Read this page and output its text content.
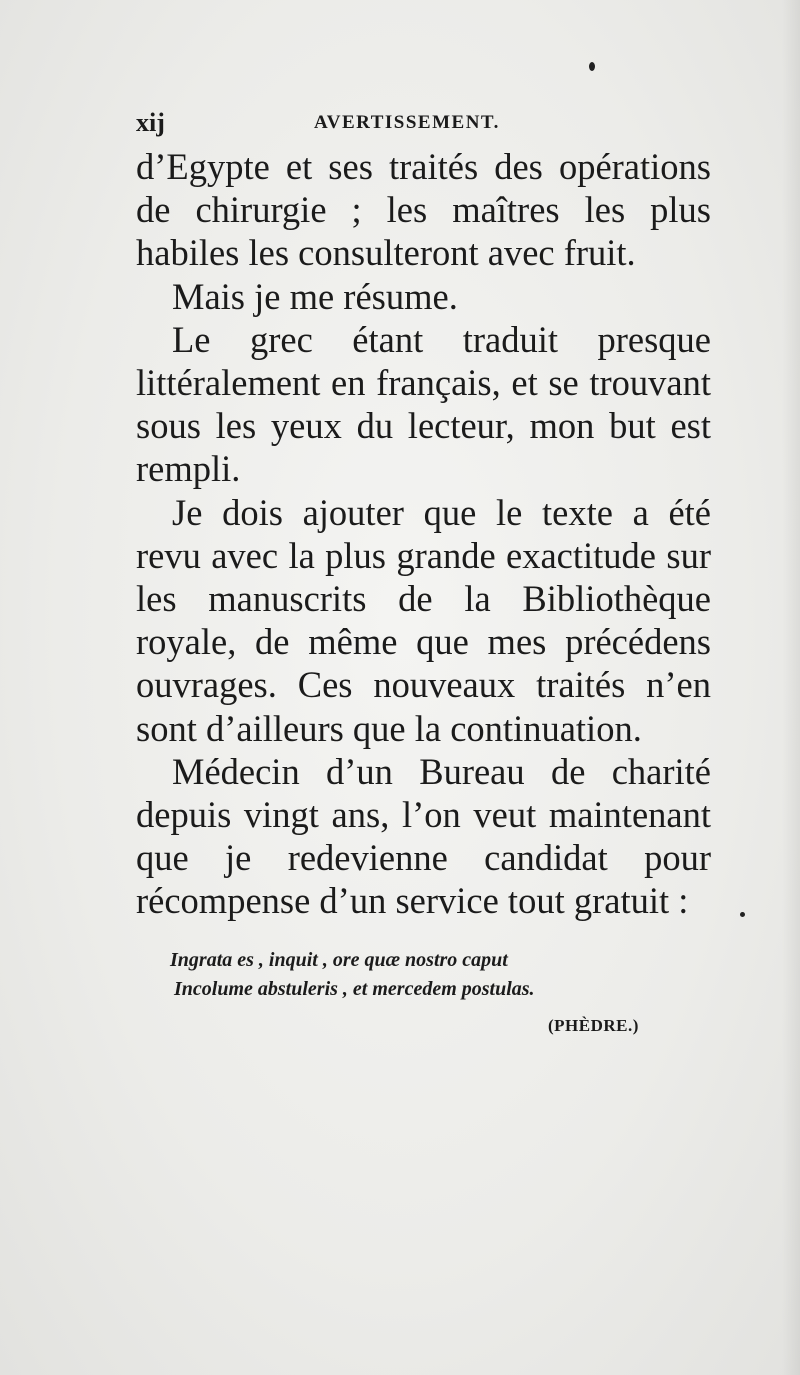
xij	AVERTISSEMENT.

d’Egypte et ses traités des opérations de chirurgie ; les maîtres les plus habiles les consulteront avec fruit.

Mais je me résume.

Le grec étant traduit presque littéralement en français, et se trouvant sous les yeux du lecteur, mon but est rempli.

Je dois ajouter que le texte a été revu avec la plus grande exactitude sur les manuscrits de la Bibliothèque royale, de même que mes précédens ouvrages. Ces nouveaux traités n’en sont d’ailleurs que la continuation.

Médecin d’un Bureau de charité depuis vingt ans, l’on veut maintenant que je redevienne candidat pour récompense d’un service tout gratuit :

Ingrata es , inquit , ore quæ nostro caput
Incolume abstuleris , et mercedem postulas.
(PHÈDRE.)
